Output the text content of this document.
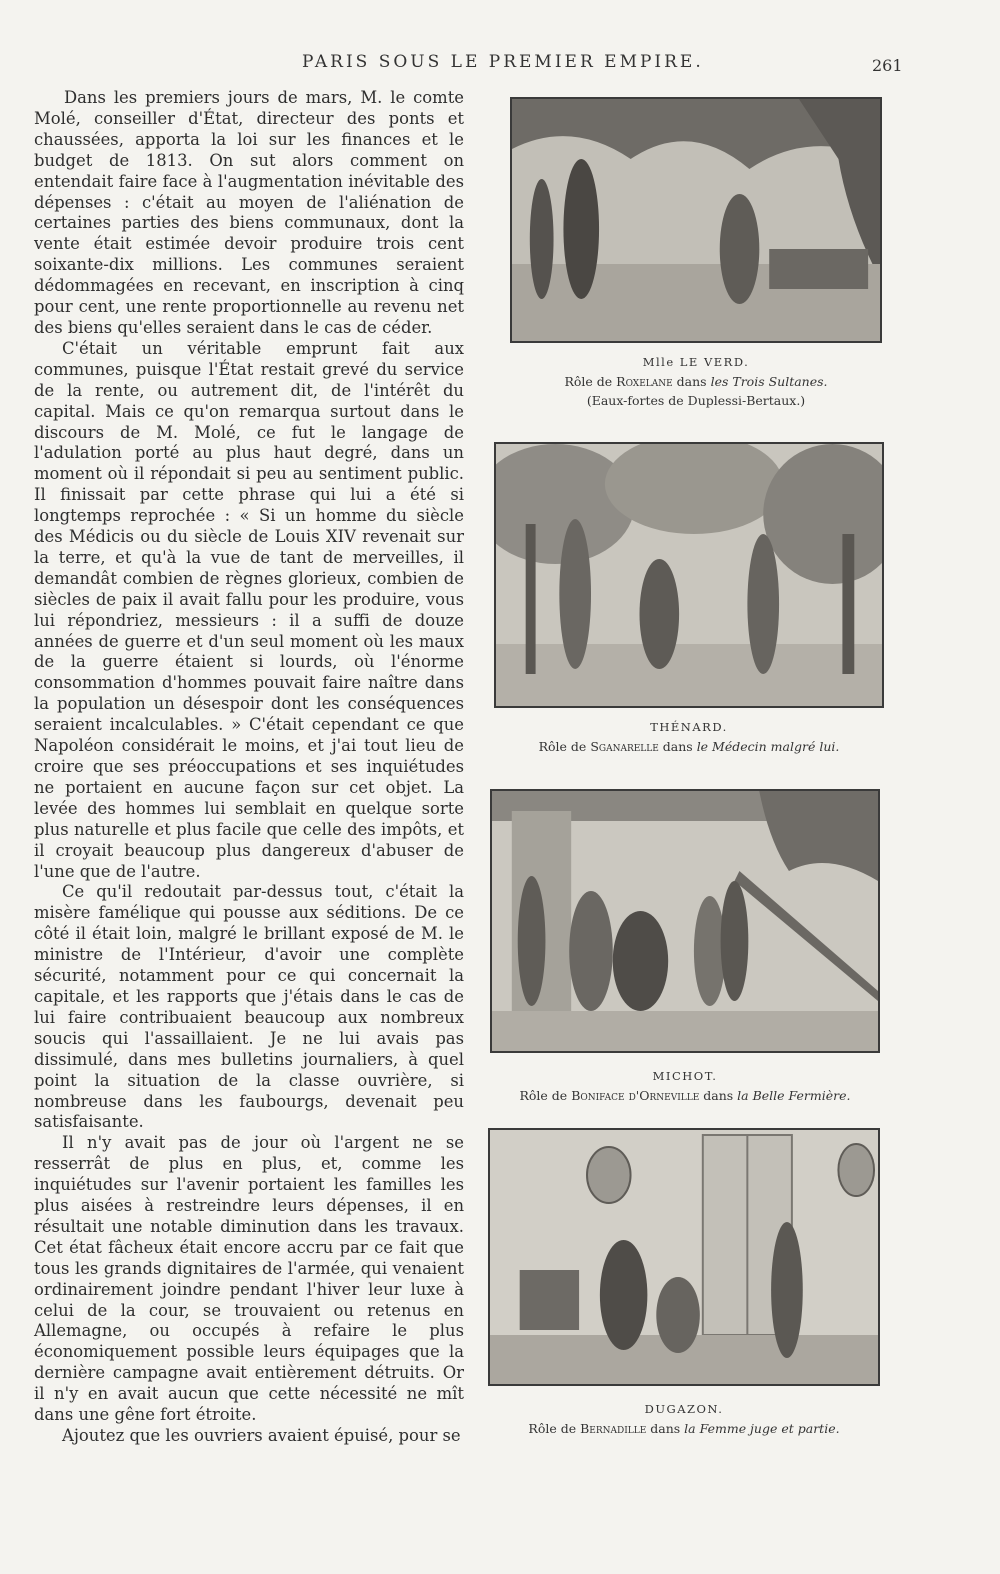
PARIS SOUS LE PREMIER EMPIRE.	261

Dans les premiers jours de mars, M. le comte Molé, conseiller d'État, directeur des ponts et chaussées, apporta la loi sur les finances et le budget de 1813. On sut alors comment on entendait faire face à l'augmentation inévitable des dépenses : c'était au moyen de l'aliénation de certaines parties des biens communaux, dont la vente était estimée devoir produire trois cent soixante-dix millions. Les communes seraient dédommagées en recevant, en inscription à cinq pour cent, une rente proportionnelle au revenu net des biens qu'elles seraient dans le cas de céder.

C'était un véritable emprunt fait aux communes, puisque l'État restait grevé du service de la rente, ou autrement dit, de l'intérêt du capital. Mais ce qu'on remarqua surtout dans le discours de M. Molé, ce fut le langage de l'adulation porté au plus haut degré, dans un moment où il répondait si peu au sentiment public. Il finissait par cette phrase qui lui a été si longtemps reprochée : « Si un homme du siècle des Médicis ou du siècle de Louis XIV revenait sur la terre, et qu'à la vue de tant de merveilles, il demandât combien de règnes glorieux, combien de siècles de paix il avait fallu pour les produire, vous lui répondriez, messieurs : il a suffi de douze années de guerre et d'un seul moment où les maux de la guerre étaient si lourds, où l'énorme consommation d'hommes pouvait faire naître dans la population un désespoir dont les conséquences seraient incalculables. » C'était cependant ce que Napoléon considérait le moins, et j'ai tout lieu de croire que ses préoccupations et ses inquiétudes ne portaient en aucune façon sur cet objet. La levée des hommes lui semblait en quelque sorte plus naturelle et plus facile que celle des impôts, et il croyait beaucoup plus dangereux d'abuser de l'une que de l'autre.

Ce qu'il redoutait par-dessus tout, c'était la misère famélique qui pousse aux séditions. De ce côté il était loin, malgré le brillant exposé de M. le ministre de l'Intérieur, d'avoir une complète sécurité, notamment pour ce qui concernait la capitale, et les rapports que j'étais dans le cas de lui faire contribuaient beaucoup aux nombreux soucis qui l'assaillaient. Je ne lui avais pas dissimulé, dans mes bulletins journaliers, à quel point la situation de la classe ouvrière, si nombreuse dans les faubourgs, devenait peu satisfaisante.

Il n'y avait pas de jour où l'argent ne se resserrât de plus en plus, et, comme les inquiétudes sur l'avenir portaient les familles les plus aisées à restreindre leurs dépenses, il en résultait une notable diminution dans les travaux. Cet état fâcheux était encore accru par ce fait que tous les grands dignitaires de l'armée, qui venaient ordinairement joindre pendant l'hiver leur luxe à celui de la cour, se trouvaient ou retenus en Allemagne, ou occupés à refaire le plus économiquement possible leurs équipages que la dernière campagne avait entièrement détruits. Or il n'y en avait aucun que cette nécessité ne mît dans une gêne fort étroite.

Ajoutez que les ouvriers avaient épuisé, pour se

Mlle LE VERD.
Rôle de Roxelane dans les Trois Sultanes.
(Eaux-fortes de Duplessi-Bertaux.)
THÉNARD.
Rôle de Sganarelle dans le Médecin malgré lui.
MICHOT.
Rôle de Boniface d'Orneville dans la Belle Fermière.
DUGAZON.
Rôle de Bernadille dans la Femme juge et partie.
